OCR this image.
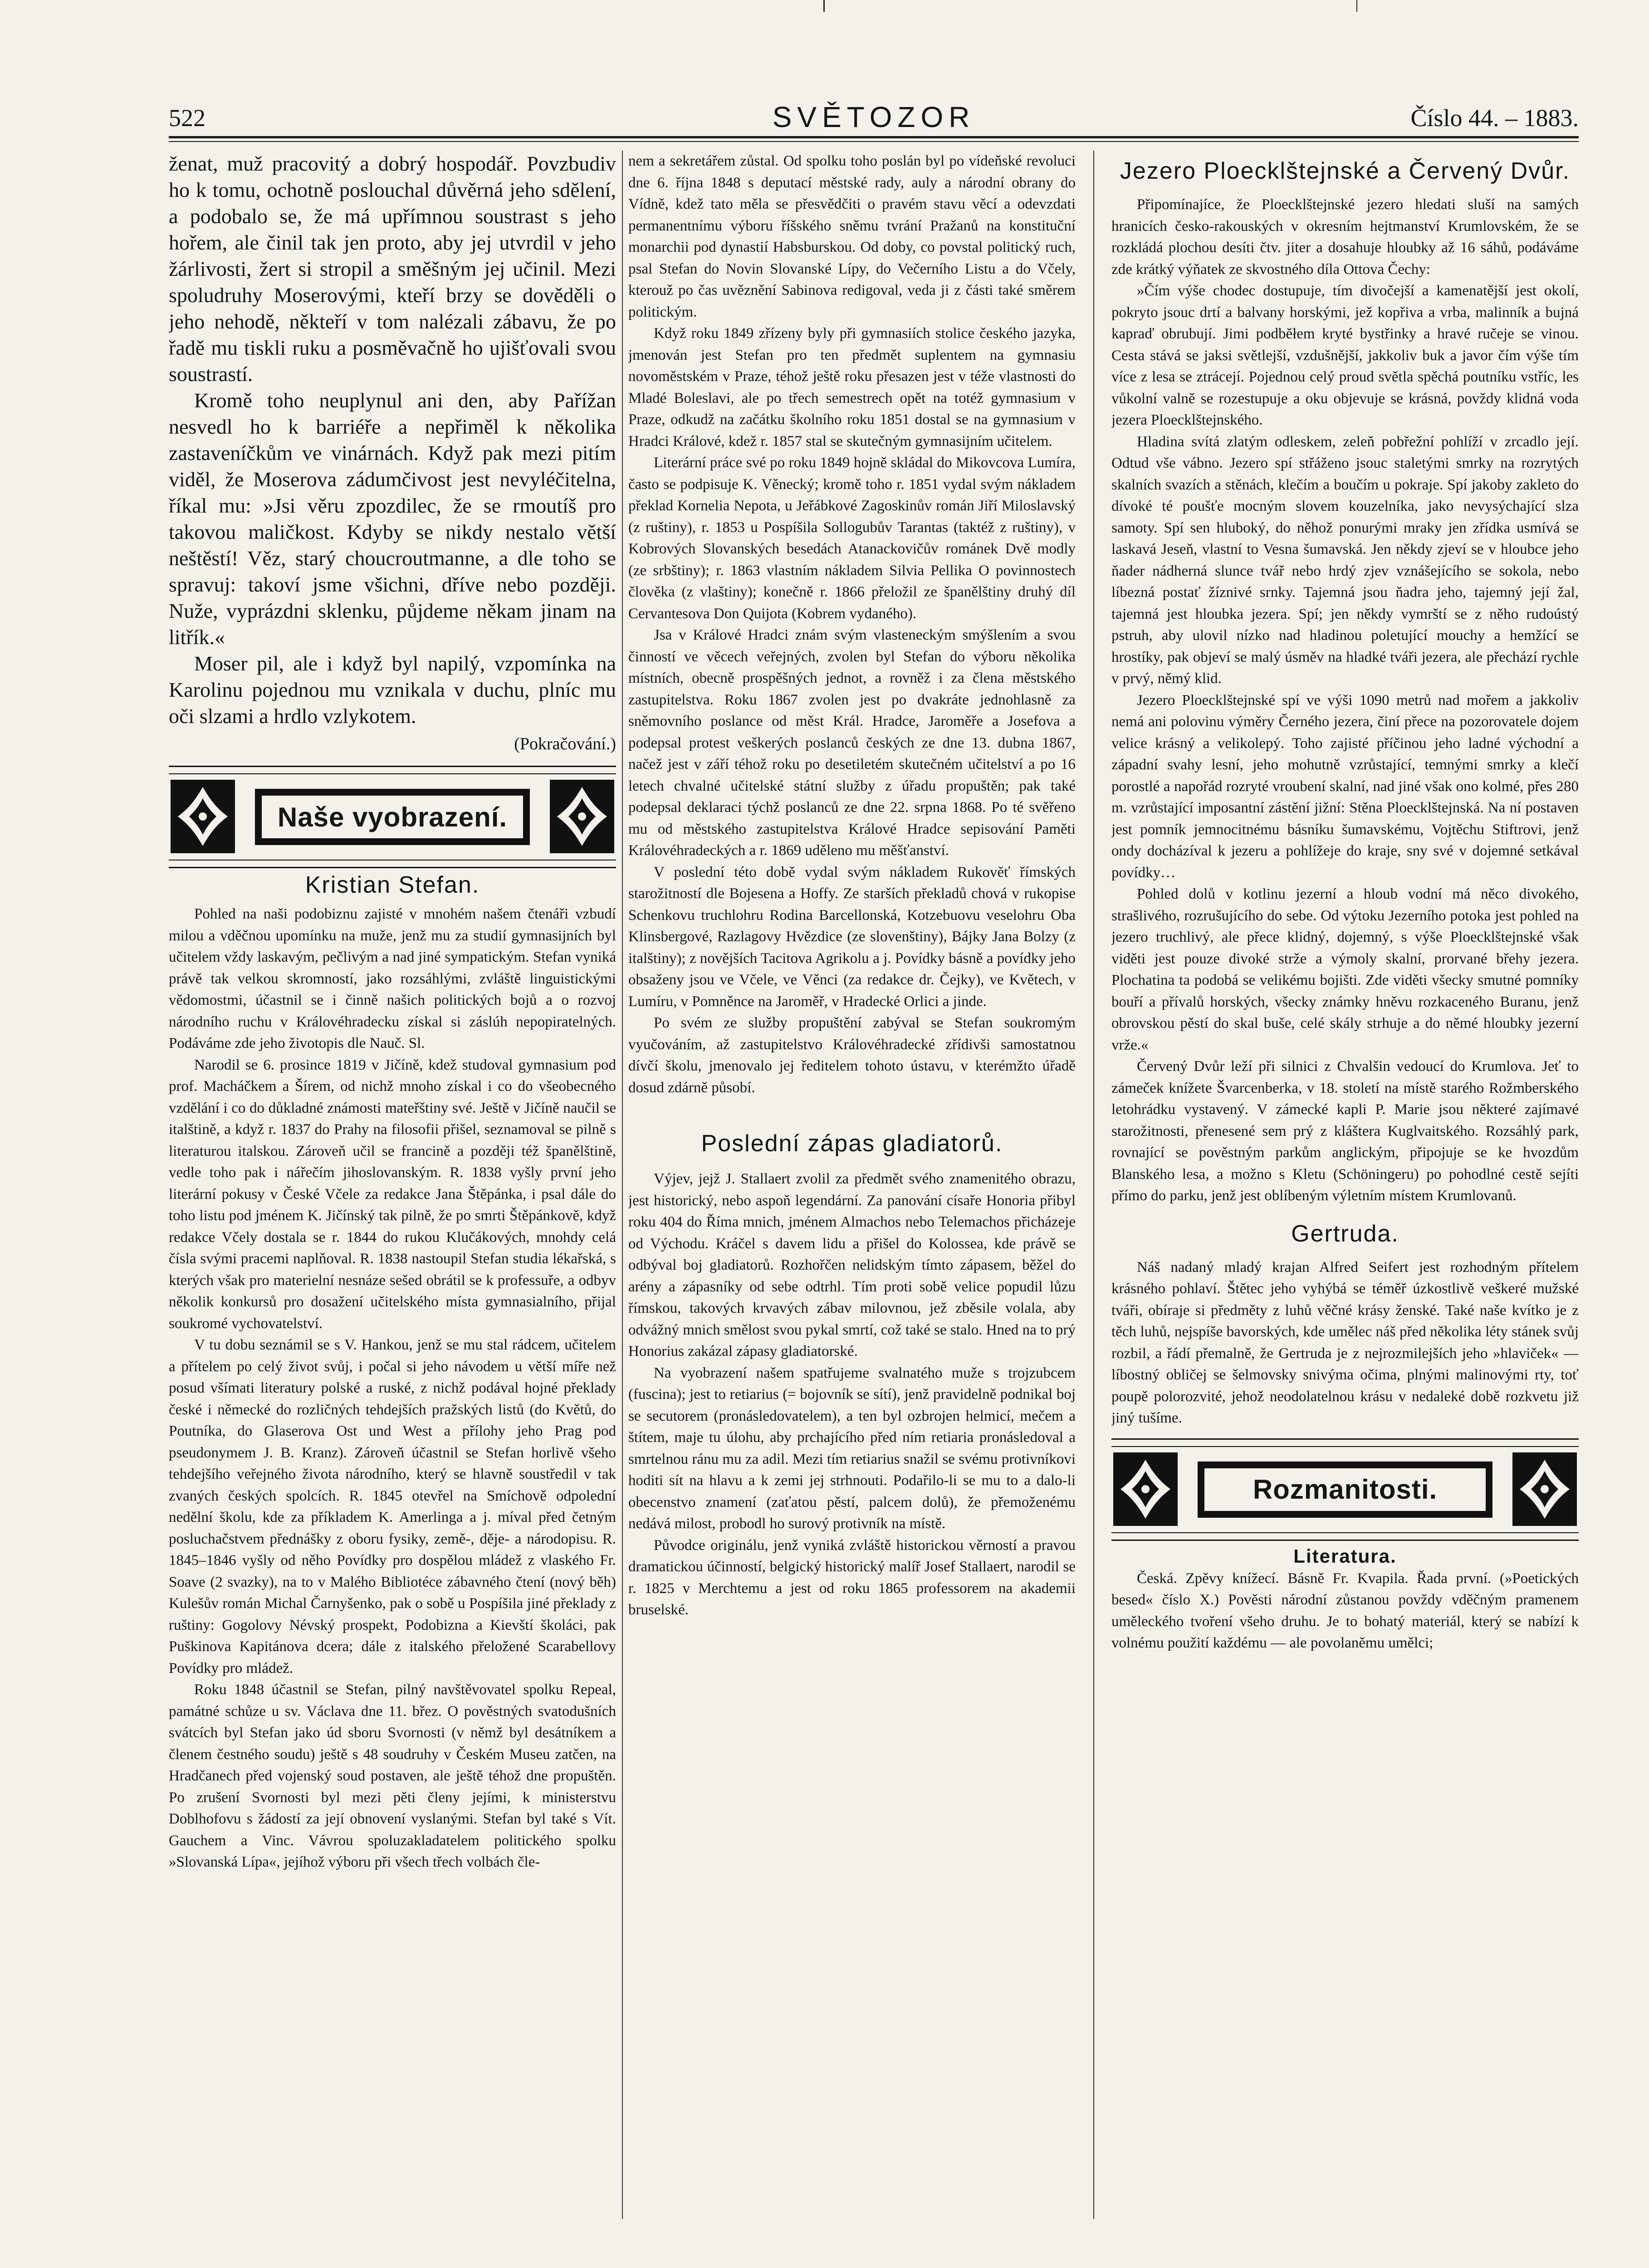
522	SVĚTOZOR	Číslo 44. – 1883.

ženat, muž pracovitý a dobrý hospodář. Povzbudiv ho k tomu, ochotně poslouchal důvěrná jeho sdělení, a podobalo se, že má upřímnou soustrast s jeho hořem, ale činil tak jen proto, aby jej utvrdil v jeho žárlivosti, žert si stropil a směšným jej učinil. Mezi spoludruhy Moserovými, kteří brzy se dověděli o jeho nehodě, někteří v tom nalézali zábavu, že po řadě mu tiskli ruku a posměvačně ho ujišťovali svou soustrastí.

Kromě toho neuplynul ani den, aby Pařížan nesvedl ho k barriéře a nepřiměl k několika zastaveníčkům ve vinárnách. Když pak mezi pitím viděl, že Moserova zádumčivost jest nevyléčitelna, říkal mu: »Jsi věru zpozdilec, že se rmoutíš pro takovou maličkost. Kdyby se nikdy nestalo větší neštěstí! Věz, starý choucroutmanne, a dle toho se spravuj: takoví jsme všichni, dříve nebo později. Nuže, vyprázdni sklenku, půjdeme někam jinam na litřík.«

Moser pil, ale i když byl napilý, vzpomínka na Karolinu pojednou mu vznikala v duchu, plníc mu oči slzami a hrdlo vzlykotem.

(Pokračování.)

Naše vyobrazení.
Kristian Stefan.

Pohled na naši podobiznu zajisté v mnohém našem čtenáři vzbudí milou a vděčnou upomínku na muže, jenž mu za studií gymnasijních byl učitelem vždy laskavým, pečlivým a nad jiné sympatickým. Stefan vyniká právě tak velkou skromností, jako rozsáhlými, zvláště linguistickými vědomostmi, účastnil se i činně našich politických bojů a o rozvoj národního ruchu v Královéhradecku získal si záslúh nepopiratelných. Podáváme zde jeho životopis dle Nauč. Sl.

Narodil se 6. prosince 1819 v Jičíně, kdež studoval gymnasium pod prof. Macháčkem a Šírem, od nichž mnoho získal i co do všeobecného vzdělání i co do důkladné známosti mateřštiny své. Ještě v Jičíně naučil se italštině, a když r. 1837 do Prahy na filosofii přišel, seznamoval se pilně s literaturou italskou. Zároveň učil se francině a později též španělštině, vedle toho pak i nářečím jihoslovanským. R. 1838 vyšly první jeho literární pokusy v České Včele za redakce Jana Štěpánka, i psal dále do toho listu pod jménem K. Jičínský tak pilně, že po smrti Štěpánkově, když redakce Včely dostala se r. 1844 do rukou Klučákových, mnohdy celá čísla svými pracemi naplňoval. R. 1838 nastoupil Stefan studia lékařská, s kterých však pro materielní nesnáze sešed obrátil se k professuře, a odbyv několik konkursů pro dosažení učitelského místa gymnasialního, přijal soukromé vychovatelství.

V tu dobu seznámil se s V. Hankou, jenž se mu stal rádcem, učitelem a přítelem po celý život svůj, i počal si jeho návodem u větší míře než posud všímati literatury polské a ruské, z nichž podával hojné překlady české i německé do rozličných tehdejších pražských listů (do Květů, do Poutníka, do Glaserova Ost und West a přílohy jeho Prag pod pseudonymem J. B. Kranz). Zároveň účastnil se Stefan horlivě všeho tehdejšího veřejného života národního, který se hlavně soustředil v tak zvaných českých spolcích. R. 1845 otevřel na Smíchově odpolední nedělní školu, kde za příkladem K. Amerlinga a j. míval před četným posluchačstvem přednášky z oboru fysiky, země-, děje- a národopisu. R. 1845–1846 vyšly od něho Povídky pro dospělou mládež z vlaského Fr. Soave (2 svazky), na to v Malého Bibliotéce zábavného čtení (nový běh) Kulešův román Michal Čarnyšenko, pak o sobě u Pospíšila jiné překlady z ruštiny: Gogolovy Névský prospekt, Podobizna a Kievští školáci, pak Puškinova Kapitánova dcera; dále z italského přeložené Scarabellovy Povídky pro mládež.

Roku 1848 účastnil se Stefan, pilný navštěvovatel spolku Repeal, památné schůze u sv. Václava dne 11. břez. O pověstných svatodušních svátcích byl Stefan jako úd sboru Svornosti (v němž byl desátníkem a členem čestného soudu) ještě s 48 soudruhy v Českém Museu zatčen, na Hradčanech před vojenský soud postaven, ale ještě téhož dne propuštěn. Po zrušení Svornosti byl mezi pěti členy jejími, k ministerstvu Doblhofovu s žádostí za její obnovení vyslanými. Stefan byl také s Vít. Gauchem a Vinc. Vávrou spoluzakladatelem politického spolku »Slovanská Lípa«, jejíhož výboru při všech třech volbách čle-

nem a sekretářem zůstal. Od spolku toho poslán byl po vídeňské revoluci dne 6. října 1848 s deputací městské rady, auly a národní obrany do Vídně, kdež tato měla se přesvědčiti o pravém stavu věcí a odevzdati permanentnímu výboru říšského sněmu tvrání Pražanů na konstituční monarchii pod dynastií Habsburskou. Od doby, co povstal politický ruch, psal Stefan do Novin Slovanské Lípy, do Večerního Listu a do Včely, kterouž po čas uvěznění Sabinova redigoval, veda ji z části také směrem politickým.

Když roku 1849 zřízeny byly při gymnasiích stolice českého jazyka, jmenován jest Stefan pro ten předmět suplentem na gymnasiu novoměstském v Praze, téhož ještě roku přesazen jest v téže vlastnosti do Mladé Boleslavi, ale po třech semestrech opět na totéž gymnasium v Praze, odkudž na začátku školního roku 1851 dostal se na gymnasium v Hradci Králové, kdež r. 1857 stal se skutečným gymnasijním učitelem.

Literární práce své po roku 1849 hojně skládal do Mikovcova Lumíra, často se podpisuje K. Věnecký; kromě toho r. 1851 vydal svým nákladem překlad Kornelia Nepota, u Jeřábkové Zagoskinův román Jiří Miloslavský (z ruštiny), r. 1853 u Pospíšila Sollogubův Tarantas (taktéž z ruštiny), v Kobrových Slovanských besedách Atanackovičův románek Dvě modly (ze srbštiny); r. 1863 vlastním nákladem Silvia Pellika O povinnostech člověka (z vlaštiny); konečně r. 1866 přeložil ze španělštiny druhý díl Cervantesova Don Quijota (Kobrem vydaného).

Jsa v Králové Hradci znám svým vlasteneckým smýšlením a svou činností ve věcech veřejných, zvolen byl Stefan do výboru několika místních, obecně prospěšných jednot, a rovněž i za člena městského zastupitelstva. Roku 1867 zvolen jest po dvakráte jednohlasně za sněmovního poslance od měst Král. Hradce, Jaroměře a Josefova a podepsal protest veškerých poslanců českých ze dne 13. dubna 1867, načež jest v září téhož roku po desetiletém skutečném učitelství a po 16 letech chvalné učitelské státní služby z úřadu propuštěn; pak také podepsal deklaraci týchž poslanců ze dne 22. srpna 1868. Po té svěřeno mu od městského zastupitelstva Králové Hradce sepisování Paměti Královéhradeckých a r. 1869 uděleno mu měšťanství.

V poslední této době vydal svým nákladem Rukověť římských starožitností dle Bojesena a Hoffy. Ze starších překladů chová v rukopise Schenkovu truchlohru Rodina Barcellonská, Kotzebuovu veselohru Oba Klinsbergové, Razlagovy Hvězdice (ze slovenštiny), Bájky Jana Bolzy (z italštiny); z novějších Tacitova Agrikolu a j. Povídky básně a povídky jeho obsaženy jsou ve Včele, ve Věnci (za redakce dr. Čejky), ve Květech, v Lumíru, v Pomněnce na Jaroměř, v Hradecké Orlici a jinde.

Po svém ze služby propuštění zabýval se Stefan soukromým vyučováním, až zastupitelstvo Královéhradecké zřídivši samostatnou dívčí školu, jmenovalo jej ředitelem tohoto ústavu, v kterémžto úřadě dosud zdárně působí.

Poslední zápas gladiatorů.

Výjev, jejž J. Stallaert zvolil za předmět svého znamenitého obrazu, jest historický, nebo aspoň legendární. Za panování císaře Honoria přibyl roku 404 do Říma mnich, jménem Almachos nebo Telemachos přicházeje od Východu. Kráčel s davem lidu a přišel do Kolossea, kde právě se odbýval boj gladiatorů. Rozhořčen nelidským tímto zápasem, běžel do arény a zápasníky od sebe odtrhl. Tím proti sobě velice popudil lůzu římskou, takových krvavých zábav milovnou, jež zběsile volala, aby odvážný mnich smělost svou pykal smrtí, což také se stalo. Hned na to prý Honorius zakázal zápasy gladiatorské.

Na vyobrazení našem spatřujeme svalnatého muže s trojzubcem (fuscina); jest to retiarius (= bojovník se sítí), jenž pravidelně podnikal boj se secutorem (pronásledovatelem), a ten byl ozbrojen helmicí, mečem a štítem, maje tu úlohu, aby prchajícího před ním retiaria pronásledoval a smrtelnou ránu mu za adil. Mezi tím retiarius snažil se svému protivníkovi hoditi sít na hlavu a k zemi jej strhnouti. Podařilo-li se mu to a dalo-li obecenstvo znamení (zaťatou pěstí, palcem dolů), že přemoženému nedává milost, probodl ho surový protivník na místě.

Původce originálu, jenž vyniká zvláště historickou věrností a pravou dramatickou účinností, belgický historický malíř Josef Stallaert, narodil se r. 1825 v Merchtemu a jest od roku 1865 professorem na akademii bruselské.

Jezero Ploecklštejnské a Červený Dvůr.

Připomínajíce, že Ploecklštejnské jezero hledati sluší na samých hranicích česko-rakouských v okresním hejtmanství Krumlovském, že se rozkládá plochou desíti čtv. jiter a dosahuje hloubky až 16 sáhů, podáváme zde krátký výňatek ze skvostného díla Ottova Čechy:

»Čím výše chodec dostupuje, tím divočejší a kamenatější jest okolí, pokryto jsouc drtí a balvany horskými, jež kopřiva a vrba, malinník a bujná kapraď obrubují. Jimi podběłem kryté bystřinky a hravé ručeje se vinou. Cesta stává se jaksi světlejší, vzdušnější, jakkoliv buk a javor čím výše tím více z lesa se ztrácejí. Pojednou celý proud světla spěchá poutníku vstříc, les vůkolní valně se rozestupuje a oku objevuje se krásná, povždy klidná voda jezera Ploecklštejnského.

Hladina svítá zlatým odleskem, zeleň pobřežní pohlíží v zrcadlo její. Odtud vše vábno. Jezero spí střáženo jsouc staletými smrky na rozrytých skalních svazích a stěnách, klečím a boučím u pokraje. Spí jakoby zakleto do dívoké té poušťe mocným slovem kouzelníka, jako nevysýchající slza samoty. Spí sen hluboký, do něhož ponurými mraky jen zřídka usmívá se laskavá Jeseň, vlastní to Vesna šumavská. Jen někdy zjeví se v hloubce jeho ňader nádherná slunce tvář nebo hrdý zjev vznášejícího se sokola, nebo líbezná postať žíznivé srnky. Tajemná jsou ňadra jeho, tajemný její žal, tajemná jest hloubka jezera. Spí; jen někdy vymrští se z něho rudoústý pstruh, aby ulovil nízko nad hladinou poletující mouchy a hemžící se hrostíky, pak objeví se malý úsměv na hladké tváři jezera, ale přechází rychle v prvý, němý klid.

Jezero Ploecklštejnské spí ve výši 1090 metrů nad mořem a jakkoliv nemá ani polovinu výměry Černého jezera, činí přece na pozorovatele dojem velice krásný a velikolepý. Toho zajisté příčinou jeho ladné východní a západní svahy lesní, jeho mohutně vzrůstající, temnými smrky a klečí porostlé a napořád rozryté vroubení skalní, nad jiné však ono kolmé, přes 280 m. vzrůstající imposantní zástění jižní: Stěna Ploecklštejnská. Na ní postaven jest pomník jemnocitnému básníku šumavskému, Vojtěchu Stiftrovi, jenž ondy docházíval k jezeru a pohlížeje do kraje, sny své v dojemné setkával povídky…

Pohled dolů v kotlinu jezerní a hloub vodní má něco divokého, strašlivého, rozrušujícího do sebe. Od výtoku Jezerního potoka jest pohled na jezero truchlivý, ale přece klidný, dojemný, s výše Ploecklštejnské však viděti jest pouze divoké strže a výmoly skalní, prorvané břehy jezera. Plochatina ta podobá se velikému bojišti. Zde viděti všecky smutné pomníky bouří a přívalů horských, všecky známky hněvu rozkaceného Buranu, jenž obrovskou pěstí do skal buše, celé skály strhuje a do němé hloubky jezerní vrže.«

Červený Dvůr leží při silnici z Chvalšin vedoucí do Krumlova. Jeť to zámeček knížete Švarcenberka, v 18. století na místě starého Rožmberského letohrádku vystavený. V zámecké kapli P. Marie jsou některé zajímavé starožitnosti, přenesené sem prý z kláštera Kuglvaitského. Rozsáhlý park, rovnající se pověstným parkům anglickým, připojuje se ke hvozdům Blanského lesa, a možno s Kletu (Schöningeru) po pohodlné cestě sejíti přímo do parku, jenž jest oblíbeným výletním místem Krumlovanů.

Gertruda.

Náš nadaný mladý krajan Alfred Seifert jest rozhodným přítelem krásného pohlaví. Štětec jeho vyhýbá se téměř úzkostlivě veškeré mužské tváři, obíraje si předměty z luhů věčné krásy ženské. Také naše kvítko je z těch luhů, nejspíše bavorských, kde umělec náš před několika léty stánek svůj rozbil, a řádí přemalně, že Gertruda je z nejrozmilejších jeho »hlaviček« — líbostný obličej se šelmovsky snivýma očima, plnými malinovými rty, toť poupě polorozvité, jehož neodolatelnou krásu v nedaleké době rozkvetu již jiný tušíme.

Rozmanitosti.
Literatura.

Česká. Zpěvy knížecí. Básně Fr. Kvapila. Řada první. (»Poetických besed« číslo X.) Pověsti národní zůstanou povždy vděčným pramenem uměleckého tvoření všeho druhu. Je to bohatý materiál, který se nabízí k volnému použití každému — ale povolaněmu umělci;
